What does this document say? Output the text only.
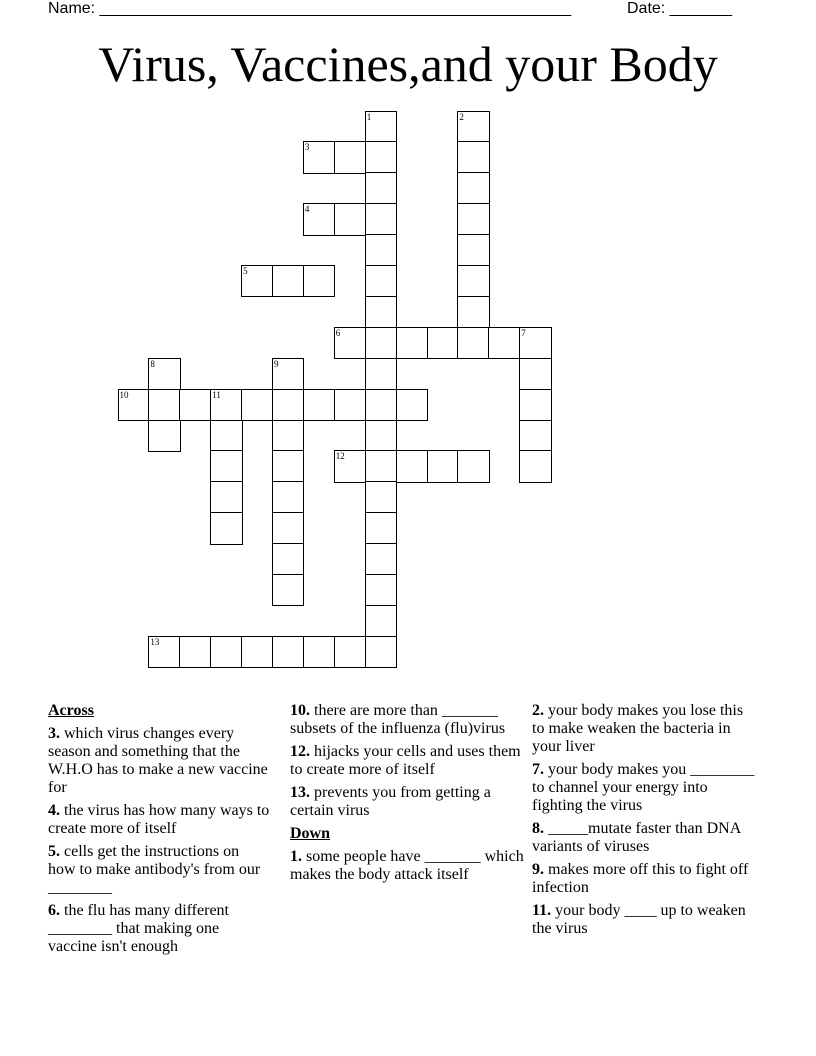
Name: _____________________________________________________	Date: _______
Virus, Vaccines,and your Body
1	2
3
4
5
6	7
8	9
10	11
12
13
Across
3. which virus changes every season and something that the W.H.O has to make a new vaccine for
4. the virus has how many ways to create more of itself
5. cells get the instructions on how to make antibody's from our ________
6. the flu has many different ________ that making one vaccine isn't enough
10. there are more than _______ subsets of the influenza (flu)virus
12. hijacks your cells and uses them to create more of itself
13. prevents you from getting a certain virus
Down
1. some people have _______ which makes the body attack itself
2. your body makes you lose this to make weaken the bacteria in your liver
7. your body makes you ________ to channel your energy into fighting the virus
8. _____mutate faster than DNA variants of viruses
9. makes more off this to fight off infection
11. your body ____ up to weaken the virus
